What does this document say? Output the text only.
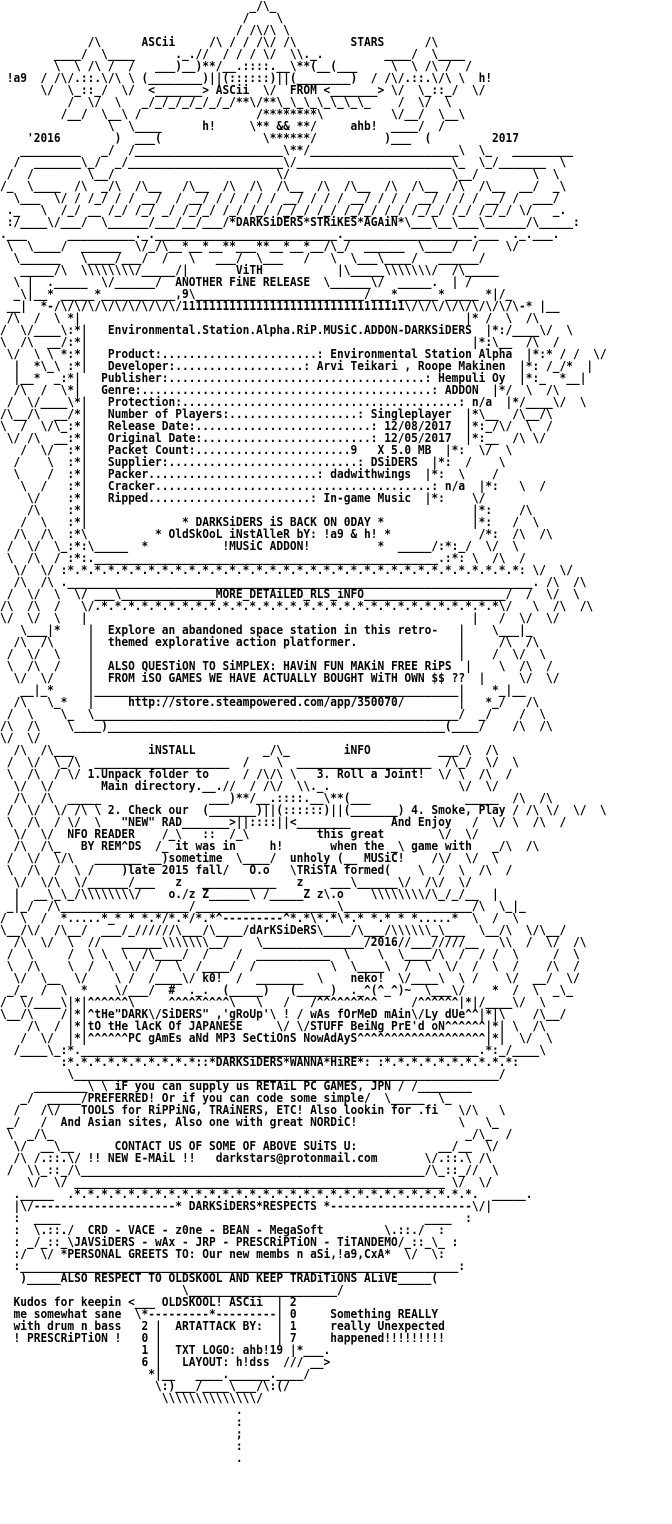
_/\_
/    \
/ /\/\ \
/\      ASCii     /\ / / /\/ /\        STARS      /\
____/  \____      ._.//  / / / \/  \\._.         ____/  \____
\  \ /\ /  /   ___)__)**/__.::::.__\**(__(___     \  \ /\ /  /
!a9  / /\/.::.\/\ \ (________)||(::::::)||(________)  / /\/.::.\/\ \  h!
\/  \_::_/  \/  <_______> ASCii  \/  FROM <_______> \/  \_::_/  \/
/  \/  \   _/_/_/_/_/_/_/**\/**\_\_\_\_\_\_\_    /  \/  \
/__/  \__\ /                 /********\          \/__/  \__\
\  \____      h!     \** && **/     ahb!  ____/  /
'2016        )  ___(               \******/          )___  (         2017
_________   _/  /______________________\**/______________________\  \_   _________
/  _______\_/  _/_______________________\/_______________________\_  \_/_______  \
/  /        \__/                        \/                        \__/        \  \
/_  \____  /\  _/\  /\__   /\__  /\  /\  /\__  /\  /\__  /\  /\__  /\  /\__  __/  _\
\___  \/ / /_/ / / __/  / __/ / / / / / __/ / / / __/ / / / __/ / / / __/ /  ___/
._   \  /_/ __ /_/ /_/ _/ /_/_/ /_/ /_/ /_/_/ /_/ /_/_/ /_/ /_/_/ /_/ /_/_/ \/   _.
:/____\/___/  \______/___/__/___/*DARKSiDERS*STRiKES*AGAiN*\___\__\___\______/\_____:
.___      __________._.___________________________.___________________.___  ._.___.
\  \____/  ______  \/_/\__*__*__**___**__*__*__/\_/  ______  \____/  /    \/
\______   \____/___/  /   \   ___/  \___   /   \  \___\____/   ______/
_____/\  \\\\\\\\/_____/|       ViTH           |\_____\\\\\\\/  /\_____
\ |  ._____  \/______/  ANOTHER FiNE RELEASE  \______\/  _____.  | /
_\|__* _____*___________,9\_________________________/___*______*_____ *|/_
__|  *-/\/\/\/\/\/\/\/\/\/111111111111111111111111111111111\/\/\/\/\/\/\/\/\-* |__
/\  /  \ *|                                                         |* /  \  /\
/  \/____\:*|   Environmental.Station.Alpha.RiP.MUSiC.ADDON-DARKSiDERS  |*:/____\/  \
\  /\  __/:*|                                                         |*:\__  /\  /
\/  \ \ *:*|   Product:.......................: Environmental Station Alpha  |*:* / /  \/
|  *\_\ :*|   Developer:...................: Arvi Teikari , Roope Makinen  |*: /_/*  |
|__*  _:*|   Publisher:......................................: Hempuli Oy  |*:_  *__|
/\  /  \*|   Genre:...........................................: ADDON  |*/  \  /\
/  \/____\*|   Protection:.........................................: n/a  |*/____\/  \
/\__/\  __/*|   Number of Players:...................: Singleplayer  |*\__  /\__/\
\  /  \/\_:*|   Release Date:..........................: 12/08/2017  |*:_/\/  \  /
\/ /\  __:*|   Original Date:.........................: 12/05/2017  |*:__  /\ \/
/  \/  :*|   Packet Count:.......................9   X 5.0 MB  |*:  \/  \
/    \  :*|   Supplier:............................: DSiDERS  |*:  /    \
\    /  :*|   Packer.........................: dadwithwings  |*:  \    /
\  /   :*|   Cracker.........................................: n/a  |*:   \  /
\/    :*|   Ripped........................: In-game Music  |*:    \/
/\    :*|                                                         |*:    /\
/  \   :*|              * DARKSiDERS iS BACK ON 0DAY *             |*:   /  \
/\  /\  :*\          * OldSkOoL iNstAlleR bY: !a9 & h! *             /*:  /\  /\
/  \/  \_:*:\_____  *           !MUSiC ADDON!          *  _____/:*:_/  \/  \
\  /\  / :*:.___________________________________________________.:*: \  /\  /
\/  \/ :*.*.*.*.*.*.*.*.*.*.*.*.*.*.*.*.*.*.*.*.*.*.*.*.*.*.*.*.*.*.*.*.*.*: \/  \/
/\  /\ ._____________________________________________________________________. /\  /\
/  \/  \  \/ ___\______________MORE_DETAiLED_RLS_iNFO_____________________/  /  \/  \
/\  /\  /   \/.*.*.*.*.*.*.*.*.*.*.*.*.*.*.*.*.*.*.*.*.*.*.*.*.*.*.*.*.*.*\/   \  /\  /\
\/  \/  \   |                                                         |   /  \/  \/
\___|*    |  Explore an abandoned space station in this retro-   |    \___|_
/\  /\     |  themed explorative action platformer.               |     /\  /\
/  \/  \    |                                                      |    /  \/  \
\  /\  /    |  ALSO QUESTiON TO SiMPLEX: HAViN FUN MAKiN FREE RiPS  |    \  /\  /
\/  \/     |  FROM iSO GAMES WE HAVE ACTUALLY BOUGHT WiTH OWN $$ ??  |     \/  \/
__|_*     |______________________________________________________|    *_|__
/\   \_*   |     http://store.steampowered.com/app/350070/        |   *_/   /\
/  \    \_  \______________________________________________________/  _/    /  \
/\  /\    \____)__________________________________________________(____/    /\  /\
\/  \/
/\  /\___           iNSTALL          _/\_        iNFO          ___/\  /\
/  \/  \_/\  ____________________  /    \  ____________________  /\_/  \/  \
\  /\  / \/ 1.Unpack folder to     / /\/\ \   3. Roll a Joint!  \/ \  /\  /
\/  \/       Main directory.__.//  / /\/  \\._.                   \/  \/
/\  /\  _____                ___)**/__.::::.__\**(___              _____  /\  /\
/  \/  \/ /\ \ 2. Check our  (_______)||(::::::)||(_______) 4. Smoke, Play / /\ \/  \/  \
\  /\  / \/  \   "NEW" RAD_______>||::::||<________      And Enjoy   /  \/ \  /\  /
\/  \/  NFO READER    /_\   ::  /_\          this great        \/  \/
/\  /\_   BY REM^DS  /_ it was in     h!       when the _\ game with   _/\  /\
/  \/  \/\   _______ __)sometime  \____/  unholy (__ MUSiC!    /\/  \/  \
\  /\  /  \ /    )late 2015 fall/   O.o   \TRiSTA formed(    \  /  \  /\  /
\/  \/\  \/______/___   z   ___________   z    ___\______\/  /\/  \/
|  __\_\_/\\\\\\\\/    o./z Z______\ /_____Z z\.o    \\\\\\\\/\_/_/__  |
_|_/  /\___________________/_____________________\___________________/\  \_|_
/  \  /  *.....*_* * *.*/*.*/*.*^---------^*.*\*.*\*.* *.* * *.....*  \  /  \
\__/\/  /\__/  ___/_//////\___/\____/dArKSiDeRS\____/\___/\\\\\\_\___  \__/\  \/\__/
/\  \/  \  //   ______\\\\\\\__/    \_______________/2016//___/////__   \\  /  \/  /\
/  \     /  \ \  \  /\____/  /    /  ___________  \    \  \____/\  /  / /  \     /  \
\  /\    \  /  \  \/  /  \  /____/  /           \  \____\  /  \  \/  /  \  /    /\  /
\/  \__  \/    \ /  /____\/ k0!  /  _______  \    neko!  \/____\  \ /    \/  __/  \/
_/_  /  \  *    \/___/  #  ._.  (_____)   (_____)  ._^(^_^)~  \___\/    *  /  \  _\_
/  \/____\|*|^^^^^^\     ^^^^^^^^^\   \   /   /^^^^^^^^^     /^^^^^^|*|/____\/  \
\__/\    /|*|^tHe"DARK\/SiDERS" ,'gRoUp'\ ! / wAs fOrMeD mAin\/Ly dUe^^|*|\    /\__/
/\  / |*|tO tHe lAcK Of JAPANESE     \/ \/STUFF BeiNg PrE'd oN^^^^^^|*| \  /\
/  \/  |*|^^^^^^PC gAmEs aNd MP3 SeCtiOnS NowAdAyS^^^^^^^^^^^^^^^^^^^|*|  \/  \
/____\_:*.___________________________________________________________.*:_/____\
:*.*.*.*.*.*.*.*.*.*::*DARKSiDERS*WANNA*HiRE*: :*.*.*.*.*.*.*.*.*.*:
\_______________________________________________________________/
________\ \ iF you can supply us RETAiL PC GAMES, JPN / /________
_/  _____/PREFERRED! Or if you can code some simple/  \_____  \_
/   /\/   TOOLS for RiPPiNG, TRAiNERS, ETC! Also lookin for .fi   \/\   \
_/   /  And Asian sites, Also one with great NORDiC!               \   \_
\  _/\_                                                             _/\_  /
\/  __\__      CONTACT US OF SOME OF ABOVE SUiTS U:            __/__  \/
/\ /.::.\/ !! NEW E-MAiL !!   darkstars@protonmail.com       \/.::.\ /\
/  \\_::_/\___________________________________________________/\_::_//  \
\/  \/ _______________________________________________________ \/  \/
._____  .*.*.*.*.*.*.*.*.*.*.*.*.*.*.*.*.*.*.*.*.*.*.*.*.*.*.*.*.*.*.  _____.
|\/---------------------* DARKSiDERS*RESPECTS *---------------------\/|
:  ____                                                      ____  :
:  \.::./  CRD - VACE - z0ne - BEAN - MegaSoft         \.::./  :
: _/_::_\JAVSiDERS - wAx - JRP - PRESCRiPTiON - TiTANDEMO/_::_\_ :
:/  \/ *PERSONAL GREETS TO: Our new membs n aSi,!a9,CxA*  \/  \:
:_________________________________________________________________:
)_____ALSO RESPECT TO OLDSKOOL AND KEEP TRADiTiONS ALiVE_____(
\______________________/
Kudos for keepin <___ OLDSKOOL! ASCii  | 2
me somewhat sane  \*---------*---------| 0     Something REALLY
with drum n bass   2 |  ARTATTACK BY:  | 1     really Unexpected
! PRESCRiPTiON !   0 |                 | 7     happened!!!!!!!!!
1 |  TXT LOGO: ahb!19 |*___.
6 |   LAYOUT: h!dss  /// __>
*|__   ____.______.____/
\:)___/____\___/\:(/
\\\\\\\\\\\\\\/
.
:
;
:
.
